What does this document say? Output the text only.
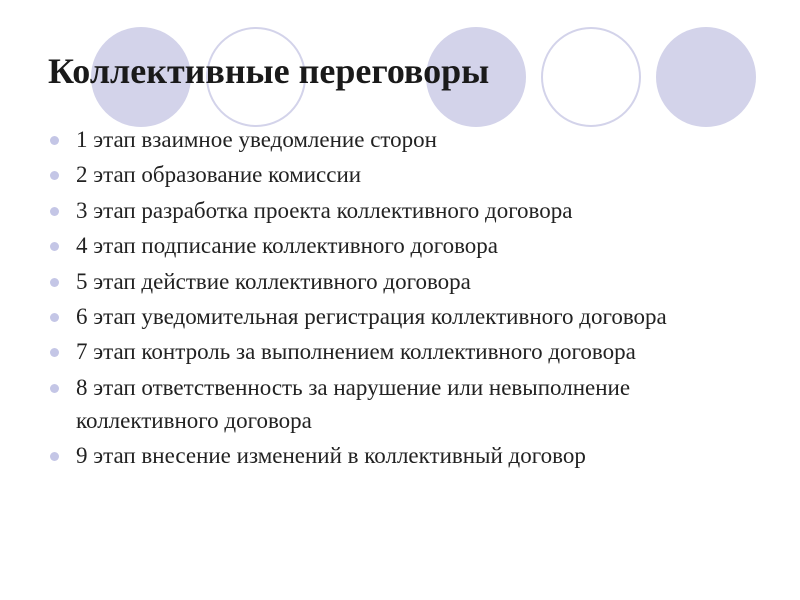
Коллективные переговоры
1 этап взаимное уведомление сторон
2 этап образование комиссии
3 этап разработка проекта коллективного договора
4 этап подписание коллективного договора
5 этап действие коллективного договора
6 этап уведомительная регистрация коллективного договора
7 этап контроль за выполнением коллективного договора
8 этап ответственность за нарушение или невыполнение коллективного договора
9 этап внесение изменений в коллективный договор
